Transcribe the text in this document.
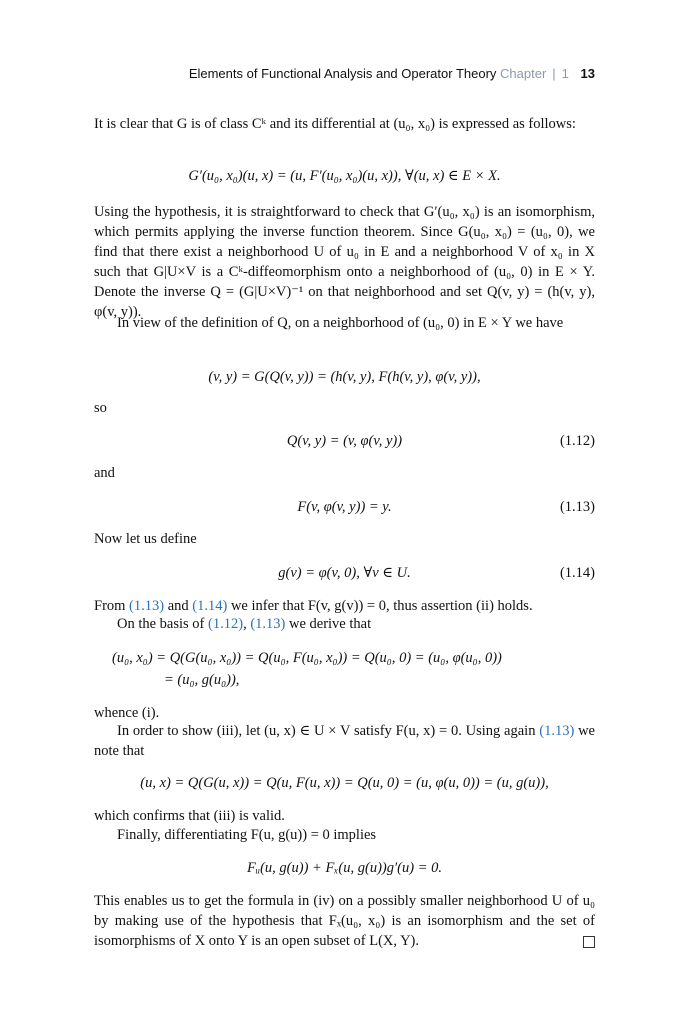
Elements of Functional Analysis and Operator Theory Chapter | 1 13
It is clear that G is of class Cᵏ and its differential at (u₀, x₀) is expressed as follows:
G′(u₀, x₀)(u, x) = (u, F′(u₀, x₀)(u, x)), ∀(u, x) ∈ E × X.
Using the hypothesis, it is straightforward to check that G′(u₀, x₀) is an isomorphism, which permits applying the inverse function theorem. Since G(u₀, x₀) = (u₀, 0), we find that there exist a neighborhood U of u₀ in E and a neighborhood V of x₀ in X such that G|U×V is a Cᵏ-diffeomorphism onto a neighborhood of (u₀, 0) in E × Y. Denote the inverse Q = (G|U×V)⁻¹ on that neighborhood and set Q(v, y) = (h(v, y), φ(v, y)).
In view of the definition of Q, on a neighborhood of (u₀, 0) in E × Y we have
(v, y) = G(Q(v, y)) = (h(v, y), F(h(v, y), φ(v, y)),
so
Q(v, y) = (v, φ(v, y))	(1.12)
and
F(v, φ(v, y)) = y.	(1.13)
Now let us define
g(v) = φ(v, 0), ∀v ∈ U.	(1.14)
From (1.13) and (1.14) we infer that F(v, g(v)) = 0, thus assertion (ii) holds.
On the basis of (1.12), (1.13) we derive that
(u₀, x₀) = Q(G(u₀, x₀)) = Q(u₀, F(u₀, x₀)) = Q(u₀, 0) = (u₀, φ(u₀, 0))
= (u₀, g(u₀)),
whence (i).
In order to show (iii), let (u, x) ∈ U × V satisfy F(u, x) = 0. Using again (1.13) we note that
(u, x) = Q(G(u, x)) = Q(u, F(u, x)) = Q(u, 0) = (u, φ(u, 0)) = (u, g(u)),
which confirms that (iii) is valid.
Finally, differentiating F(u, g(u)) = 0 implies
Fᵤ(u, g(u)) + Fₓ(u, g(u))g′(u) = 0.
This enables us to get the formula in (iv) on a possibly smaller neighborhood U of u₀ by making use of the hypothesis that Fₓ(u₀, x₀) is an isomorphism and the set of isomorphisms of X onto Y is an open subset of L(X, Y).
